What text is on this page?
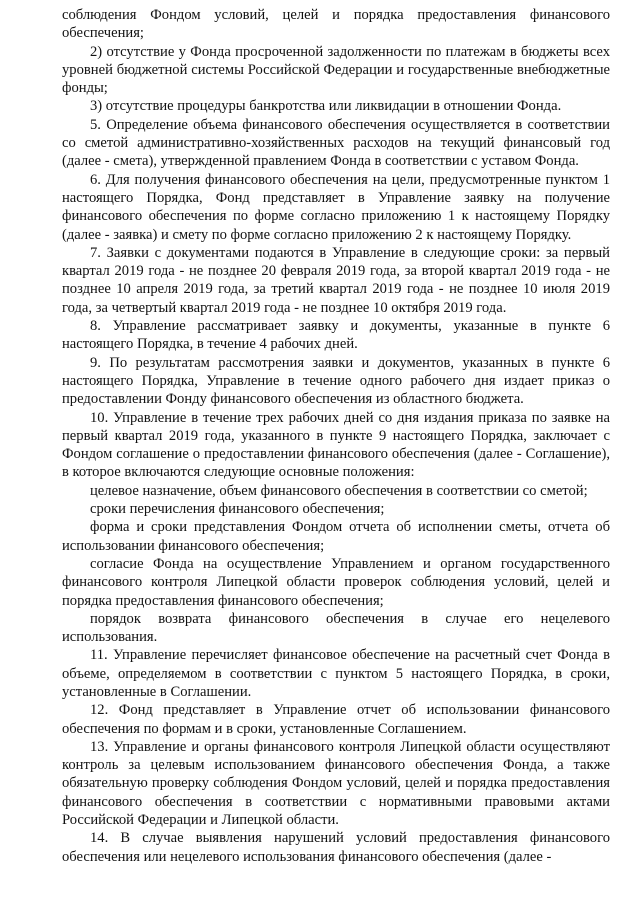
соблюдения Фондом условий, целей и порядка предоставления финансового обеспечения;

2) отсутствие у Фонда просроченной задолженности по платежам в бюджеты всех уровней бюджетной системы Российской Федерации и государственные внебюджетные фонды;

3) отсутствие процедуры банкротства или ликвидации в отношении Фонда.

5. Определение объема финансового обеспечения осуществляется в соответствии со сметой административно-хозяйственных расходов на текущий финансовый год (далее - смета), утвержденной правлением Фонда в соответствии с уставом Фонда.

6. Для получения финансового обеспечения на цели, предусмотренные пунктом 1 настоящего Порядка, Фонд представляет в Управление заявку на получение финансового обеспечения по форме согласно приложению 1 к настоящему Порядку (далее - заявка) и смету по форме согласно приложению 2 к настоящему Порядку.

7. Заявки с документами подаются в Управление в следующие сроки: за первый квартал 2019 года - не позднее 20 февраля 2019 года, за второй квартал 2019 года - не позднее 10 апреля 2019 года, за третий квартал 2019 года - не позднее 10 июля 2019 года, за четвертый квартал 2019 года - не позднее 10 октября 2019 года.

8. Управление рассматривает заявку и документы, указанные в пункте 6 настоящего Порядка, в течение 4 рабочих дней.

9. По результатам рассмотрения заявки и документов, указанных в пункте 6 настоящего Порядка, Управление в течение одного рабочего дня издает приказ о предоставлении Фонду финансового обеспечения из областного бюджета.

10. Управление в течение трех рабочих дней со дня издания приказа по заявке на первый квартал 2019 года, указанного в пункте 9 настоящего Порядка, заключает с Фондом соглашение о предоставлении финансового обеспечения (далее - Соглашение), в которое включаются следующие основные положения:

целевое назначение, объем финансового обеспечения в соответствии со сметой;

сроки перечисления финансового обеспечения;

форма и сроки представления Фондом отчета об исполнении сметы, отчета об использовании финансового обеспечения;

согласие Фонда на осуществление Управлением и органом государственного финансового контроля Липецкой области проверок соблюдения условий, целей и порядка предоставления финансового обеспечения;

порядок возврата финансового обеспечения в случае его нецелевого использования.

11. Управление перечисляет финансовое обеспечение на расчетный счет Фонда в объеме, определяемом в соответствии с пунктом 5 настоящего Порядка, в сроки, установленные в Соглашении.

12. Фонд представляет в Управление отчет об использовании финансового обеспечения по формам и в сроки, установленные Соглашением.

13. Управление и органы финансового контроля Липецкой области осуществляют контроль за целевым использованием финансового обеспечения Фонда, а также обязательную проверку соблюдения Фондом условий, целей и порядка предоставления финансового обеспечения в соответствии с нормативными правовыми актами Российской Федерации и Липецкой области.

14. В случае выявления нарушений условий предоставления финансового обеспечения или нецелевого использования финансового обеспечения (далее -
